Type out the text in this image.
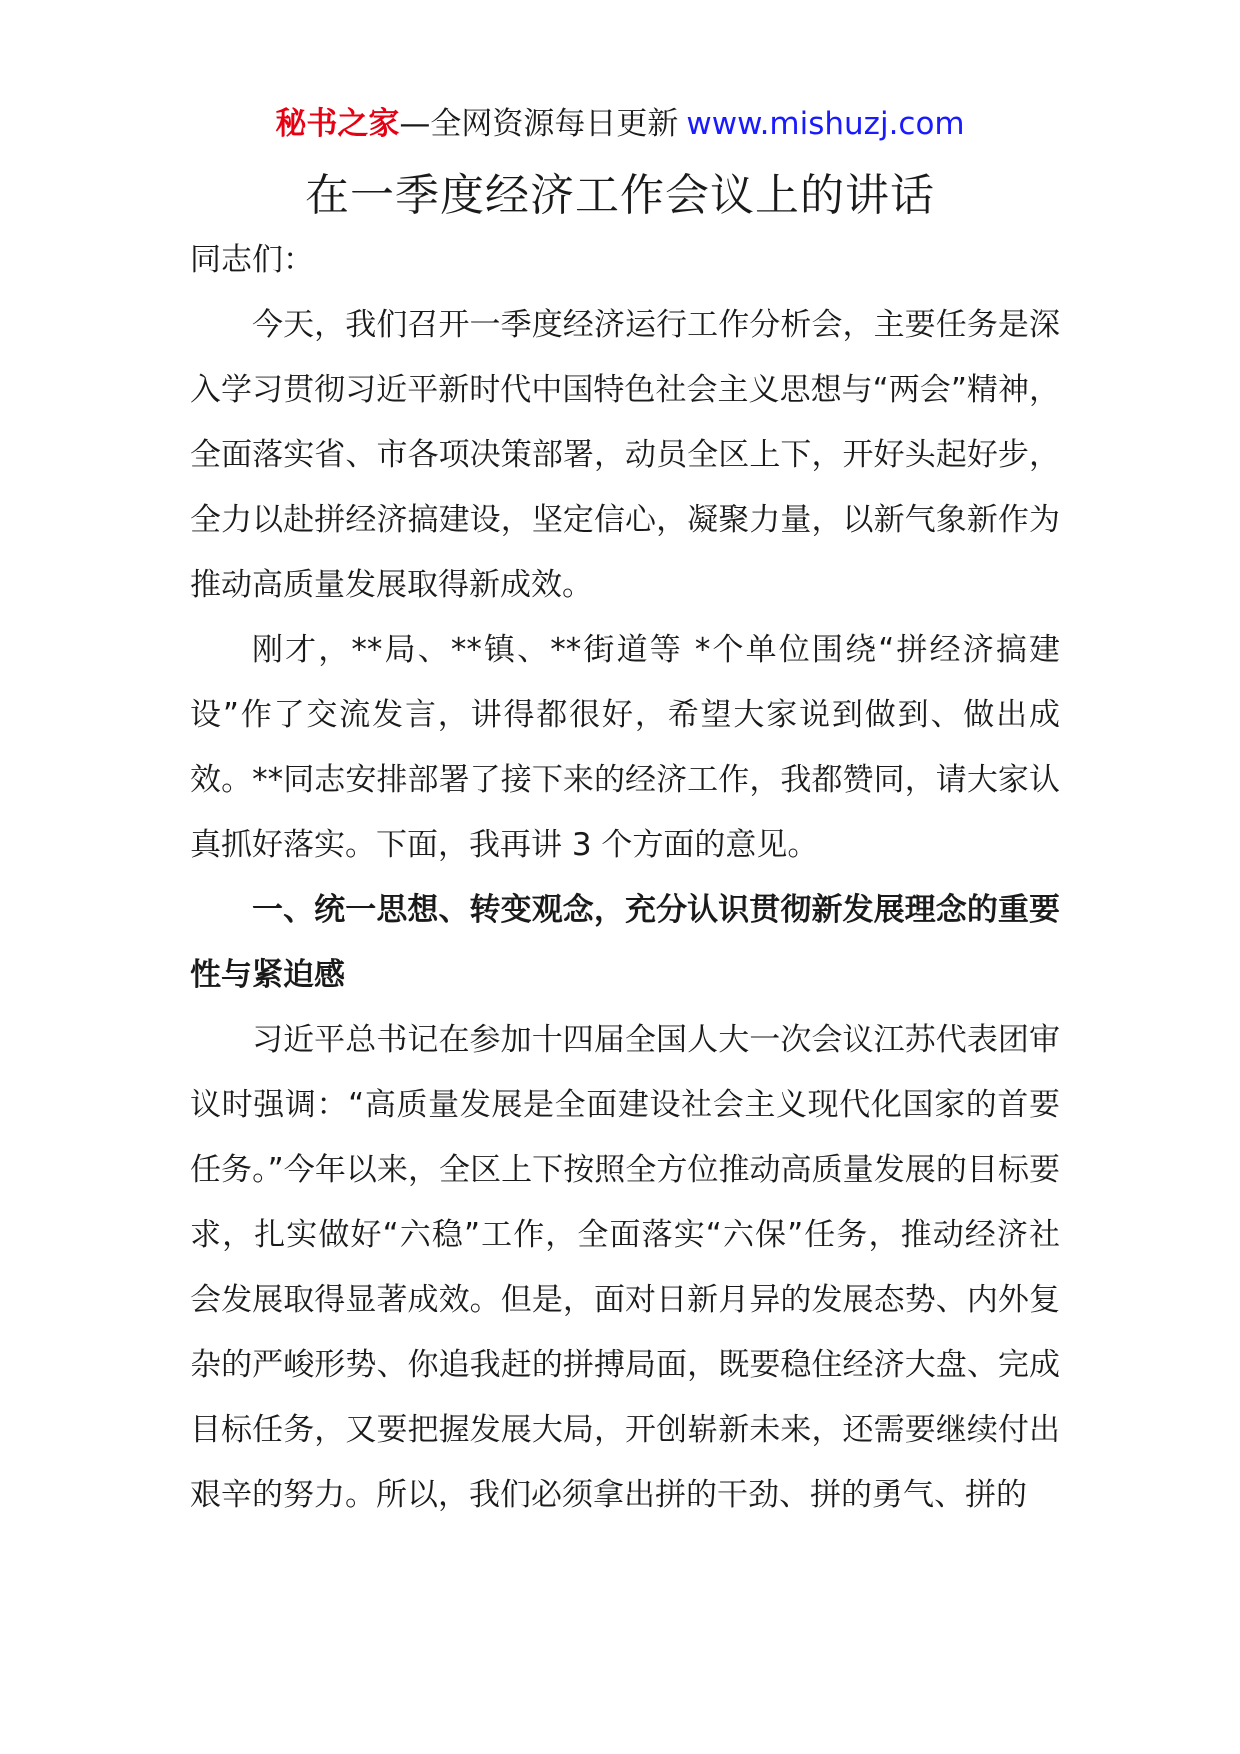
秘书之家—全网资源每日更新 www.mishuzj.com
在一季度经济工作会议上的讲话

同志们：

今天，我们召开一季度经济运行工作分析会，主要任务是深入学习贯彻习近平新时代中国特色社会主义思想与“两会”精神，全面落实省、市各项决策部署，动员全区上下，开好头起好步，全力以赴拼经济搞建设，坚定信心，凝聚力量，以新气象新作为推动高质量发展取得新成效。

刚才，**局、**镇、**街道等 *个单位围绕“拼经济搞建设”作了交流发言，讲得都很好，希望大家说到做到、做出成效。**同志安排部署了接下来的经济工作，我都赞同，请大家认真抓好落实。下面，我再讲 3 个方面的意见。

一、统一思想、转变观念，充分认识贯彻新发展理念的重要性与紧迫感

习近平总书记在参加十四届全国人大一次会议江苏代表团审议时强调：“高质量发展是全面建设社会主义现代化国家的首要任务。”今年以来，全区上下按照全方位推动高质量发展的目标要求，扎实做好“六稳”工作，全面落实“六保”任务，推动经济社会发展取得显著成效。但是，面对日新月异的发展态势、内外复杂的严峻形势、你追我赶的拼搏局面，既要稳住经济大盘、完成目标任务，又要把握发展大局，开创崭新未来，还需要继续付出艰辛的努力。所以，我们必须拿出拼的干劲、拼的勇气、拼的
